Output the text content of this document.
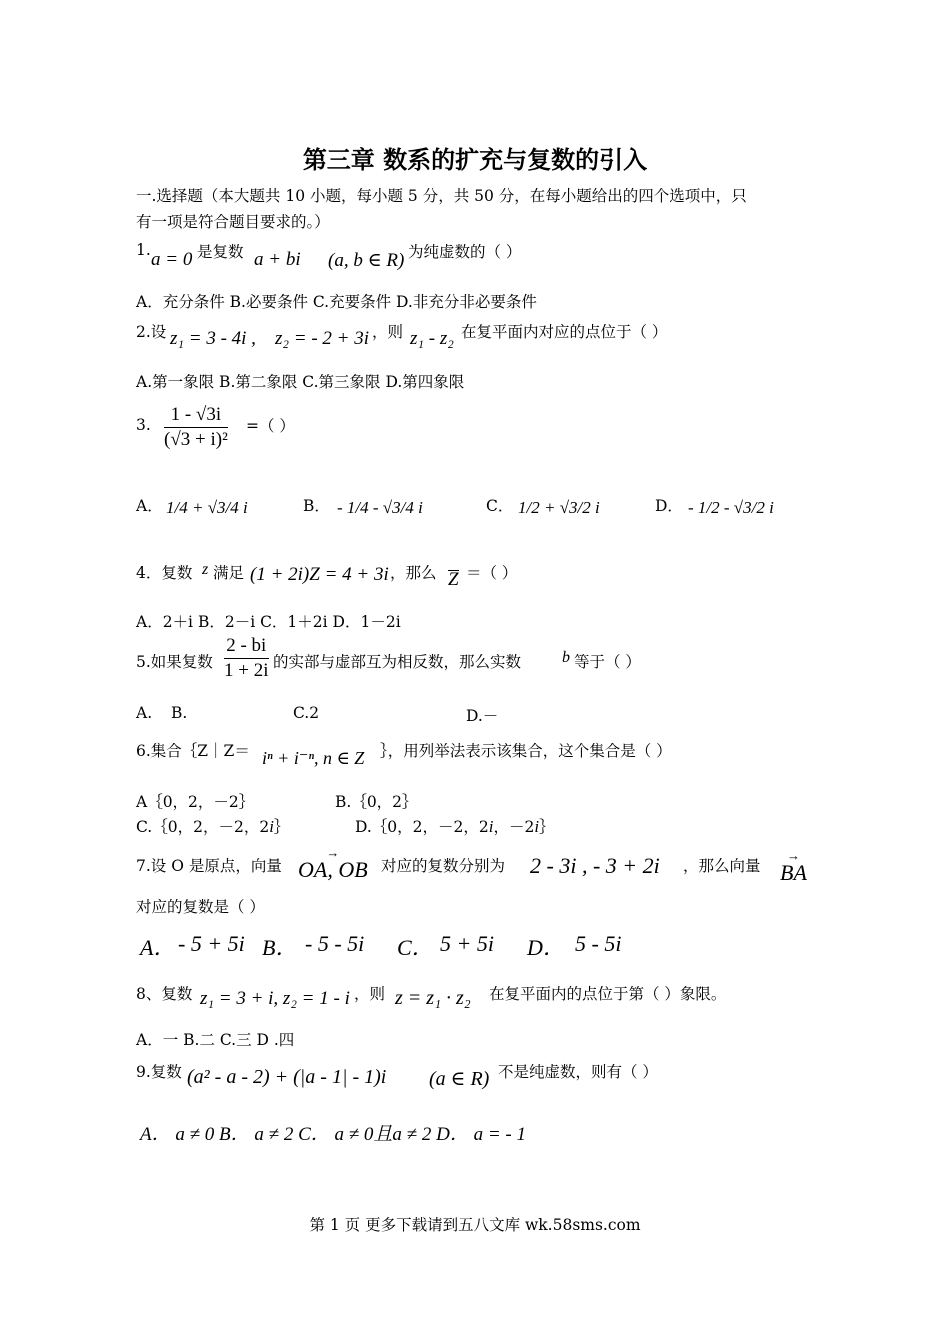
第三章 数系的扩充与复数的引入
一.选择题（本大题共 10 小题，每小题 5 分，共 50 分，在每小题给出的四个选项中，只
有一项是符合题目要求的。）
1. a = 0 是复数 a + bi (a, b ∈ R) 为纯虚数的（ ）
A．充分条件 B.必要条件 C.充要条件 D.非充分非必要条件
2.设 z₁ = 3 - 4i , z₂ = - 2 + 3i ，则 z₁ - z₂ 在复平面内对应的点位于（ ）
A.第一象限 B.第二象限 C.第三象限 D.第四象限
3.	1 - √3i
(√3 + i)²
=（ ）
A． 1/4 + √3/4 i	B． - 1/4 - √3/4 i	C． 1/2 + √3/2 i	D． - 1/2 - √3/2 i
4．复数 z 满足 (1 + 2i)Z = 4 + 3i ，那么 Z ＝（ ）
A．2＋i B．2－i C．1＋2i D．1－2i
5.如果复数
2 - bi
1 + 2i 的实部与虚部互为相反数，那么实数	b 等于（ ）
A. B.	C.2	D.－
6.集合｛Z｜Z＝ iⁿ + i⁻ⁿ, n ∈ Z ｝，用列举法表示该集合，这个集合是（ ）
A｛0，2，－2｝	B.｛0，2｝
C.｛0，2，－2，2i｝	D.｛0，2，－2，2i，－2i｝
7.设 O 是原点，向量 → OA, OB 对应的复数分别为 2 - 3i , - 3 + 2i ，那么向量 → BA
对应的复数是（ ）
A． - 5 + 5i B． - 5 - 5i C． 5 + 5i D． 5 - 5i
8、复数 z₁ = 3 + i, z₂ = 1 - i ，则 z = z₁ · z₂ 在复平面内的点位于第（ ）象限。
A．一 B.二 C.三 D .四
9.复数 (a² - a - 2) + (|a - 1| - 1)i (a ∈ R) 不是纯虚数，则有（ ）
A． a ≠ 0 B． a ≠ 2 C． a ≠ 0且a ≠ 2 D． a = - 1
第 1 页 更多下载请到五八文库 wk.58sms.com
